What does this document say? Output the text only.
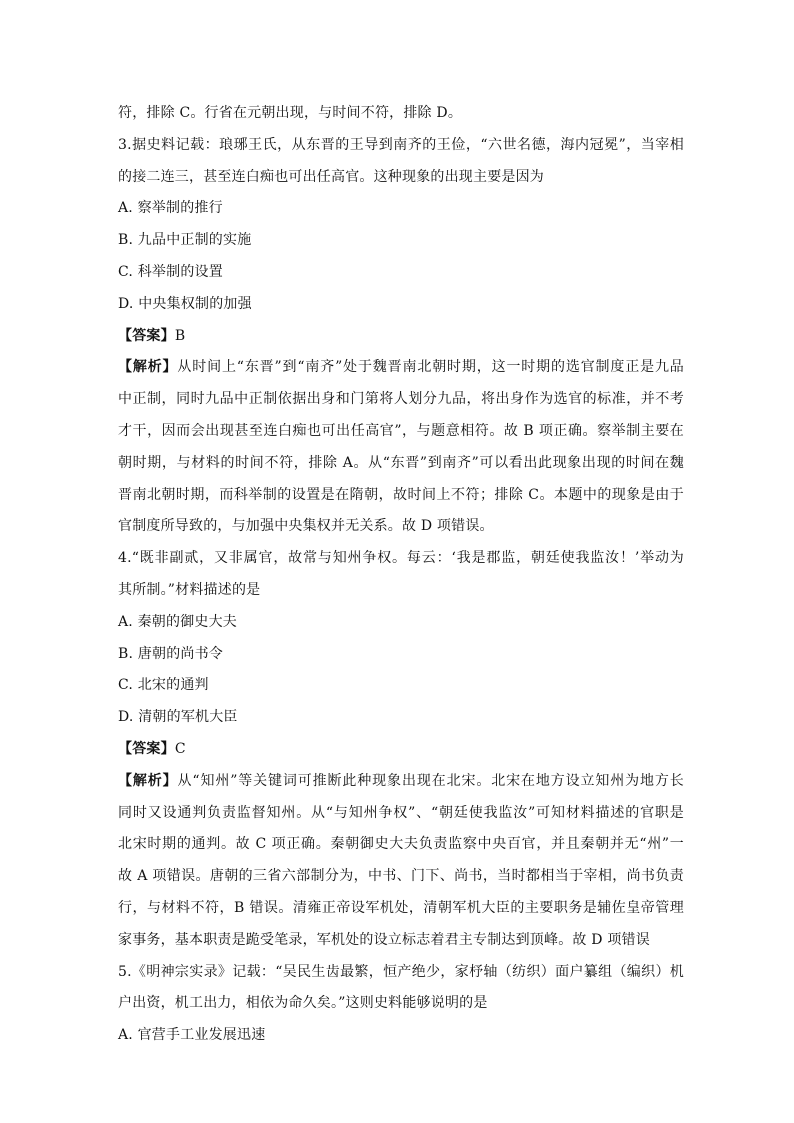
符，排除 C。行省在元朝出现，与时间不符，排除 D。
3.据史料记载：琅琊王氏，从东晋的王导到南齐的王俭，“六世名德，海内冠冕”，当宰相
的接二连三，甚至连白痴也可出任高官。这种现象的出现主要是因为
A. 察举制的推行
B. 九品中正制的实施
C. 科举制的设置
D. 中央集权制的加强
【答案】B
【解析】从时间上“东晋”到“南齐”处于魏晋南北朝时期，这一时期的选官制度正是九品
中正制，同时九品中正制依据出身和门第将人划分九品，将出身作为选官的标准，并不考
才干，因而会出现甚至连白痴也可出任高官”，与题意相符。故 B 项正确。察举制主要在
朝时期，与材料的时间不符，排除 A。从“东晋”到南齐”可以看出此现象出现的时间在魏
晋南北朝时期，而科举制的设置是在隋朝，故时间上不符；排除 C。本题中的现象是由于
官制度所导致的，与加强中央集权并无关系。故 D 项错误。
4.“既非副贰，又非属官，故常与知州争权。每云：‘我是郡监，朝廷使我监汝！’举动为
其所制。”材料描述的是
A. 秦朝的御史大夫
B. 唐朝的尚书令
C. 北宋的通判
D. 清朝的军机大臣
【答案】C
【解析】从“知州”等关键词可推断此种现象出现在北宋。北宋在地方设立知州为地方长
同时又设通判负责监督知州。从“与知州争权”、“朝廷使我监汝”可知材料描述的官职是
北宋时期的通判。故 C 项正确。秦朝御史大夫负责监察中央百官，并且秦朝并无“州”一
故 A 项错误。唐朝的三省六部制分为，中书、门下、尚书，当时都相当于宰相，尚书负责
行，与材料不符，B 错误。清雍正帝设军机处，清朝军机大臣的主要职务是辅佐皇帝管理
家事务，基本职责是跪受笔录，军机处的设立标志着君主专制达到顶峰。故 D 项错误
5.《明神宗实录》记载：“吴民生齿最繁，恒产绝少，家杼轴（纺织）面户纂组（编织）机
户出资，机工出力，相依为命久矣。”这则史料能够说明的是
A. 官营手工业发展迅速
